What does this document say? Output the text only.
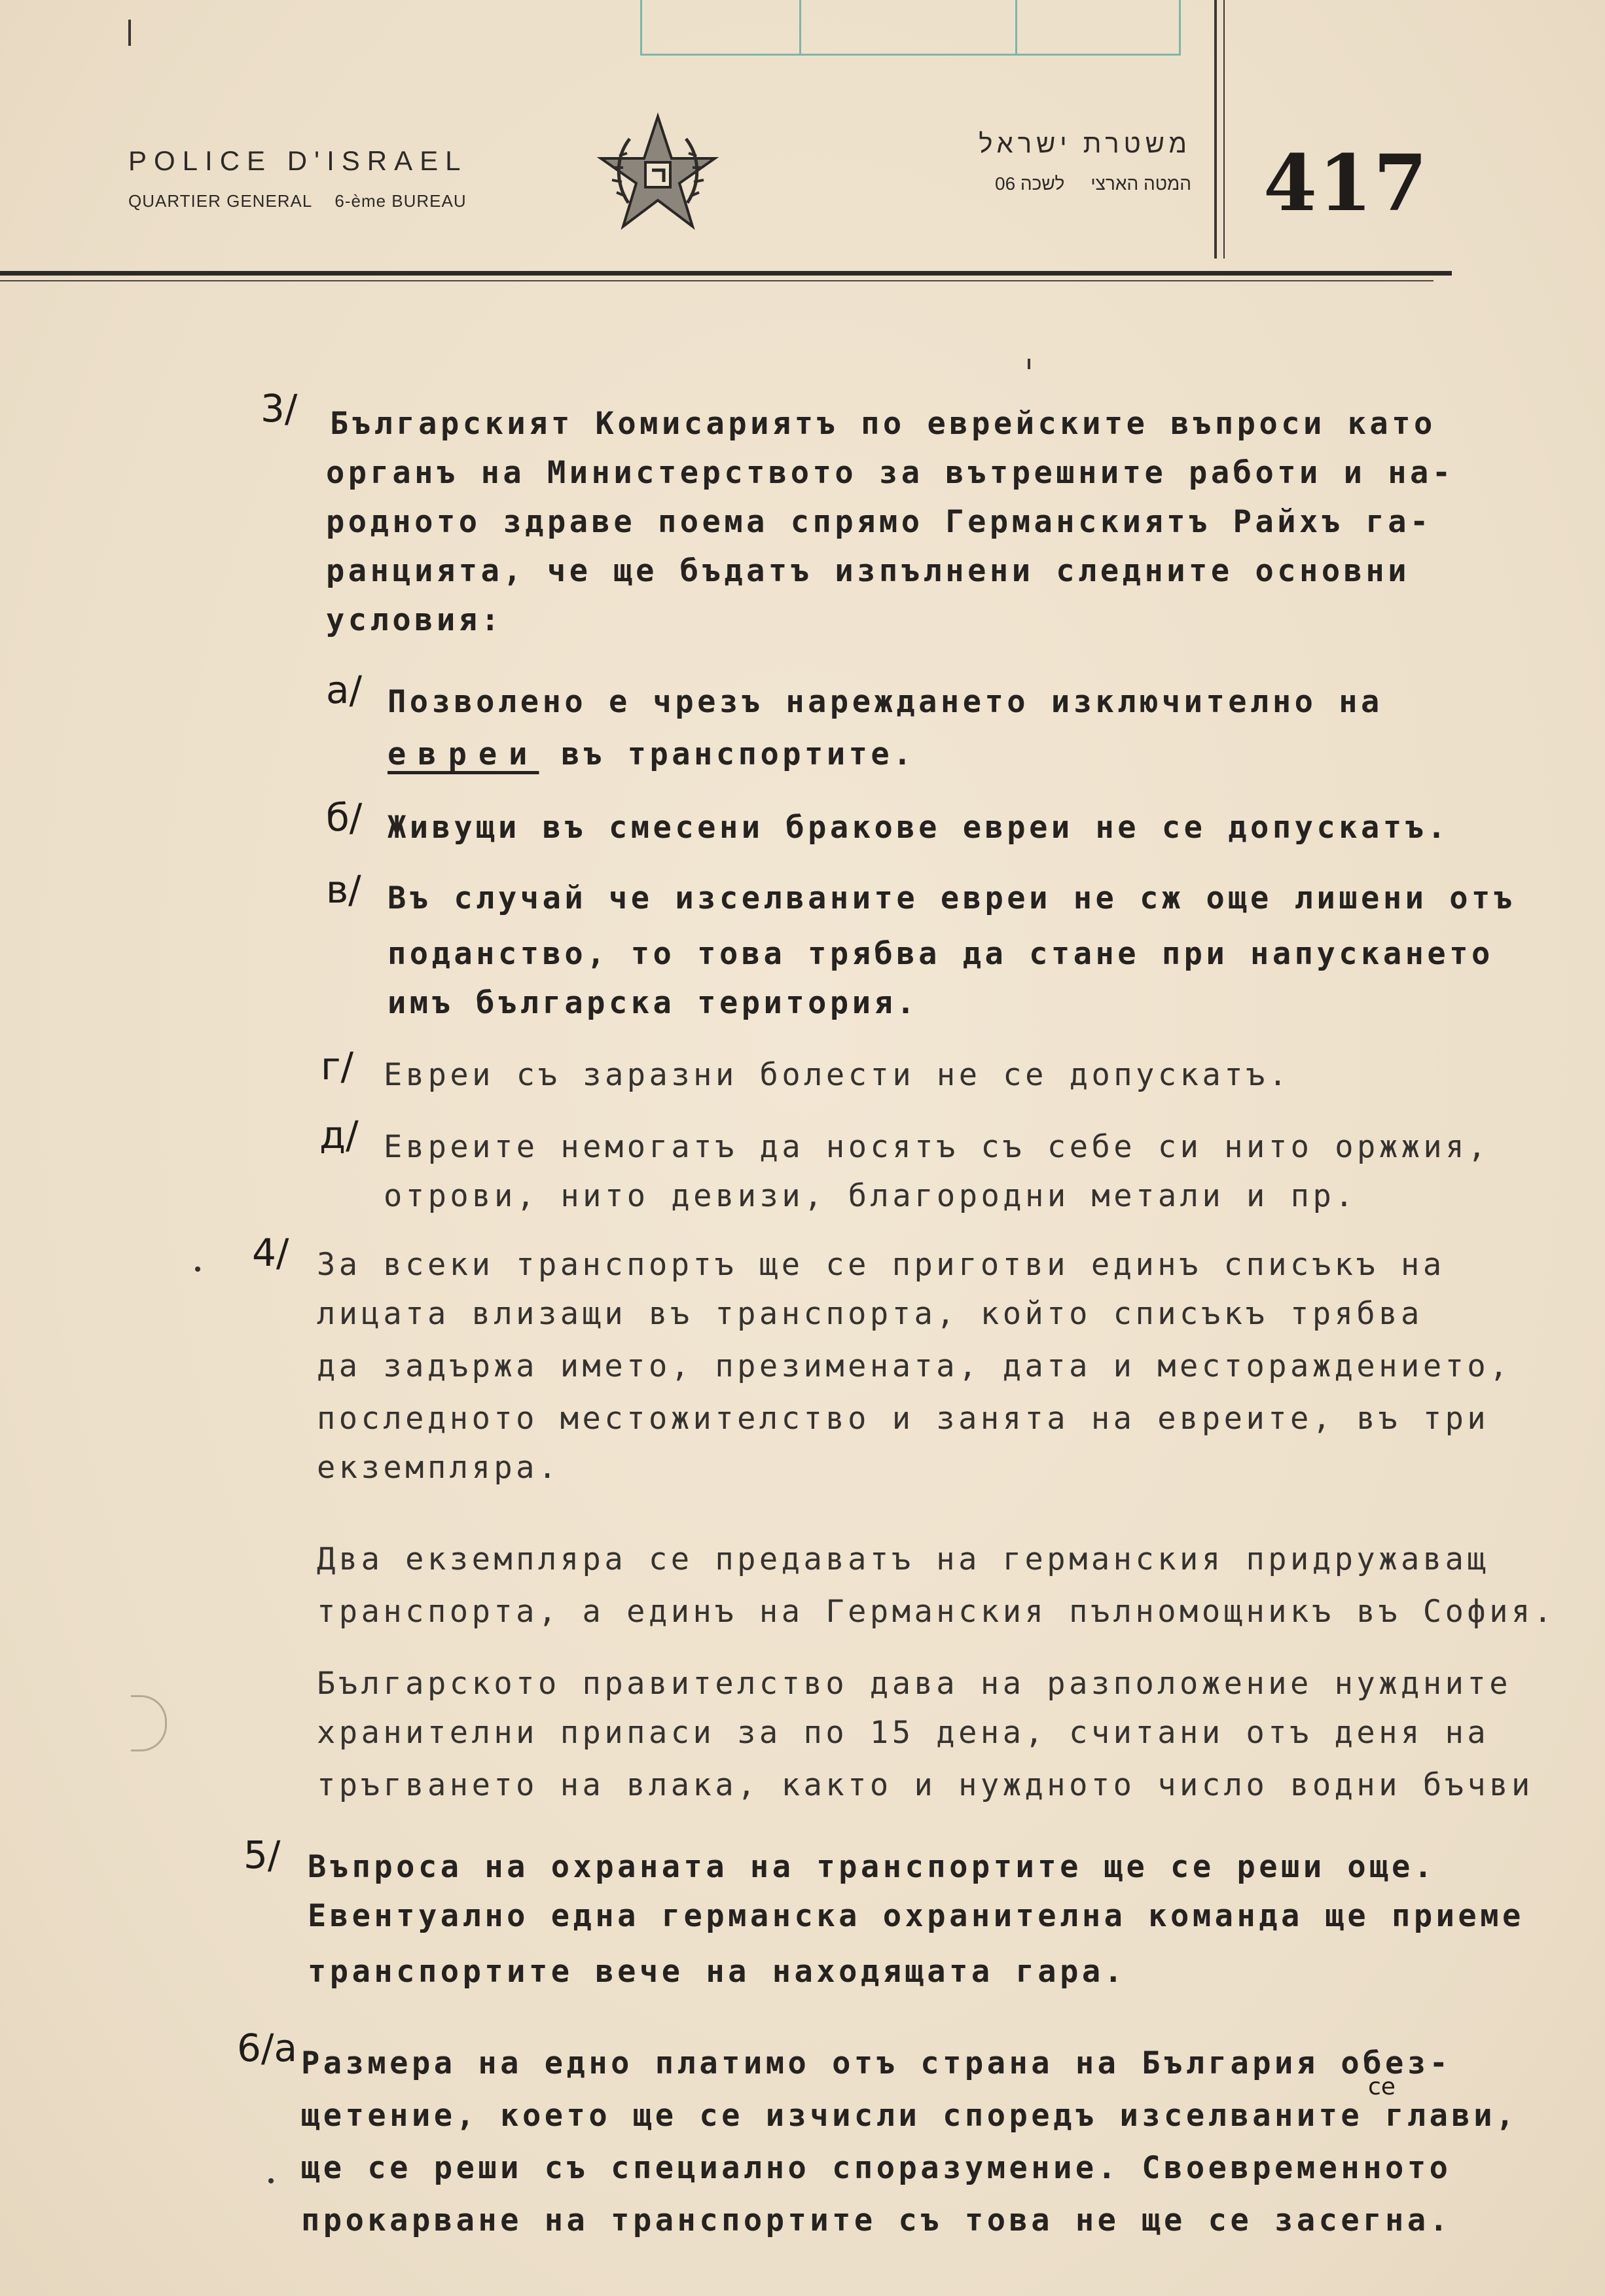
POLICE D'ISRAEL
QUARTIER GENERAL 6-ème BUREAU
משטרת ישראל
המטה הארצילשכה 06	417
3/ Българският Комисариятъ по еврейските въпроси като
органъ на Министерството за вътрешните работи и на-
родното здраве поема спрямо Германскиятъ Райхъ га-
ранцията, че ще бъдатъ изпълнени следните основни
условия:
а/ Позволено е чрезъ нареждането изключително на
евреи въ транспортите.
б/ Живущи въ смесени бракове евреи не се допускатъ.
в/ Въ случай че изселваните евреи не сж още лишени отъ
поданство, то това трябва да стане при напускането
имъ българска територия.
г/ Евреи съ заразни болести не се допускатъ.
д/ Евреите немогатъ да носятъ съ себе си нито оржжия,
отрови, нито девизи, благородни метали и пр.
4/ За всеки транспортъ ще се приготви единъ списъкъ на
лицата влизащи въ транспорта, който списъкъ трябва
да задържа името, презимената, дата и местораждението,
последното местожителство и занята на евреите, въ три
екземпляра.
Два екземпляра се предаватъ на германския придружаващ
транспорта, а единъ на Германския пълномощникъ въ София.
Българското правителство дава на разположение нуждните
хранителни припаси за по 15 дена, считани отъ деня на
тръгването на влака, както и нуждното число водни бъчви
5/ Въпроса на охраната на транспортите ще се реши още.
Евентуално една германска охранителна команда ще приеме
транспортите вече на находящата гара.
6/a Размера на едно платимо отъ страна на България обез-
щетение, което ще се изчисли споредъ изселваните глави,
се
ще се реши съ специално споразумение. Своевременното
прокарване на транспортите съ това не ще се засегна.
